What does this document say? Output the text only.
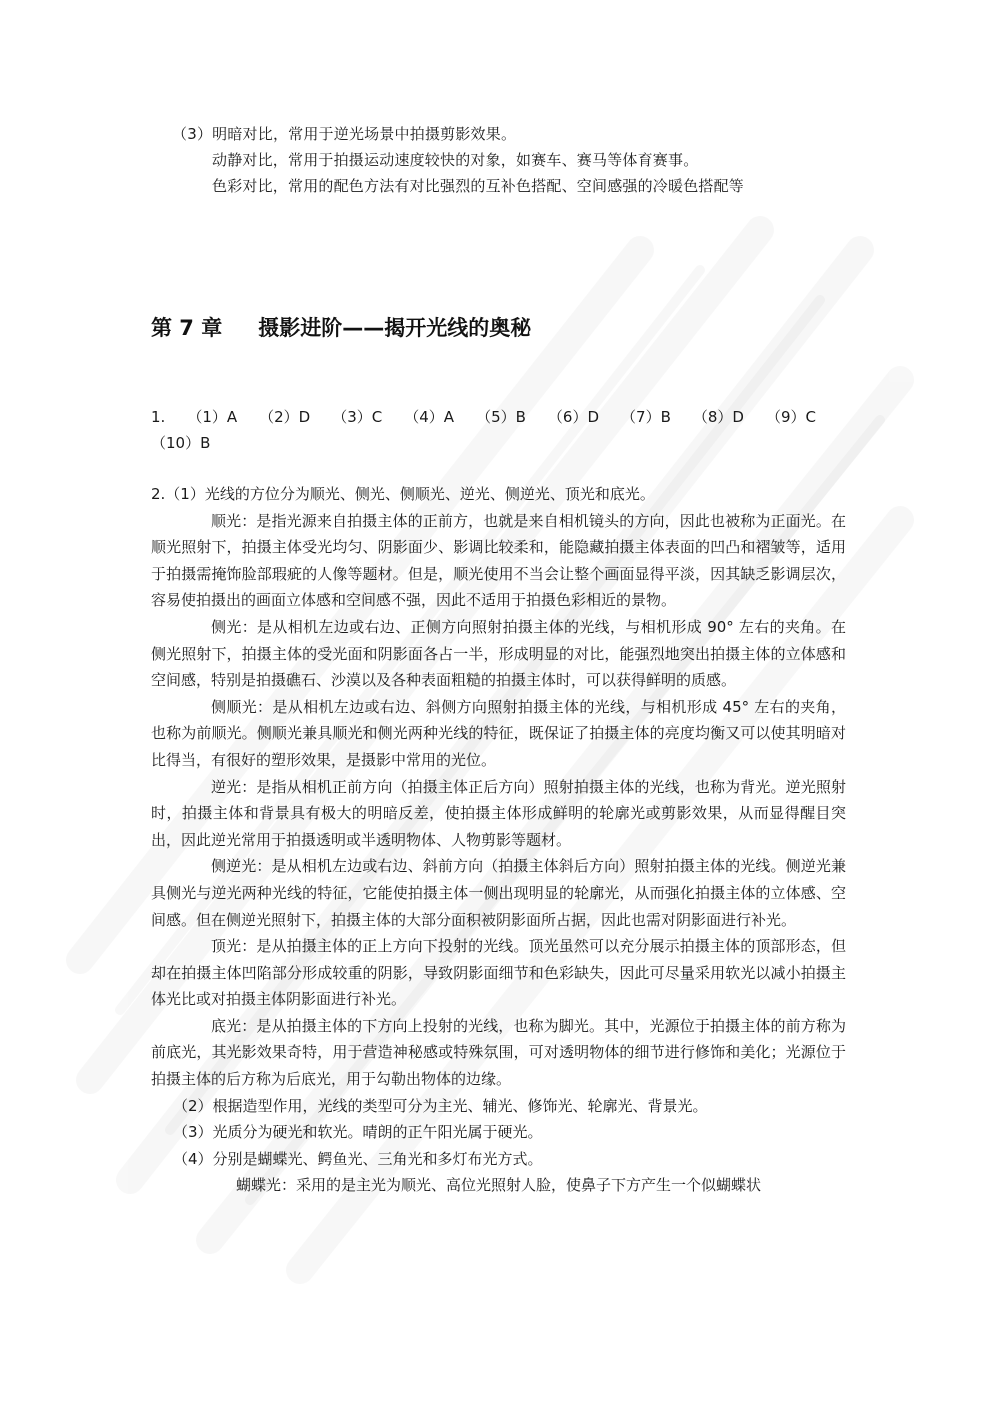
（3）明暗对比，常用于逆光场景中拍摄剪影效果。
动静对比，常用于拍摄运动速度较快的对象，如赛车、赛马等体育赛事。
色彩对比，常用的配色方法有对比强烈的互补色搭配、空间感强的冷暖色搭配等
第 7 章 摄影进阶——揭开光线的奥秘
1. （1）A （2）D （3）C （4）A （5）B （6）D （7）B （8）D （9）C
（10）B

2.（1）光线的方位分为顺光、侧光、侧顺光、逆光、侧逆光、顶光和底光。

顺光：是指光源来自拍摄主体的正前方，也就是来自相机镜头的方向，因此也被称为正面光。在顺光照射下，拍摄主体受光均匀、阴影面少、影调比较柔和，能隐藏拍摄主体表面的凹凸和褶皱等，适用于拍摄需掩饰脸部瑕疵的人像等题材。但是，顺光使用不当会让整个画面显得平淡，因其缺乏影调层次，容易使拍摄出的画面立体感和空间感不强，因此不适用于拍摄色彩相近的景物。

侧光：是从相机左边或右边、正侧方向照射拍摄主体的光线，与相机形成 90° 左右的夹角。在侧光照射下，拍摄主体的受光面和阴影面各占一半，形成明显的对比，能强烈地突出拍摄主体的立体感和空间感，特别是拍摄礁石、沙漠以及各种表面粗糙的拍摄主体时，可以获得鲜明的质感。

侧顺光：是从相机左边或右边、斜侧方向照射拍摄主体的光线，与相机形成 45° 左右的夹角，也称为前顺光。侧顺光兼具顺光和侧光两种光线的特征，既保证了拍摄主体的亮度均衡又可以使其明暗对比得当，有很好的塑形效果，是摄影中常用的光位。

逆光：是指从相机正前方向（拍摄主体正后方向）照射拍摄主体的光线，也称为背光。逆光照射时，拍摄主体和背景具有极大的明暗反差，使拍摄主体形成鲜明的轮廓光或剪影效果，从而显得醒目突出，因此逆光常用于拍摄透明或半透明物体、人物剪影等题材。

侧逆光：是从相机左边或右边、斜前方向（拍摄主体斜后方向）照射拍摄主体的光线。侧逆光兼具侧光与逆光两种光线的特征，它能使拍摄主体一侧出现明显的轮廓光，从而强化拍摄主体的立体感、空间感。但在侧逆光照射下，拍摄主体的大部分面积被阴影面所占据，因此也需对阴影面进行补光。

顶光：是从拍摄主体的正上方向下投射的光线。顶光虽然可以充分展示拍摄主体的顶部形态，但却在拍摄主体凹陷部分形成较重的阴影，导致阴影面细节和色彩缺失，因此可尽量采用软光以减小拍摄主体光比或对拍摄主体阴影面进行补光。

底光：是从拍摄主体的下方向上投射的光线，也称为脚光。其中，光源位于拍摄主体的前方称为前底光，其光影效果奇特，用于营造神秘感或特殊氛围，可对透明物体的细节进行修饰和美化；光源位于拍摄主体的后方称为后底光，用于勾勒出物体的边缘。

（2）根据造型作用，光线的类型可分为主光、辅光、修饰光、轮廓光、背景光。

（3）光质分为硬光和软光。晴朗的正午阳光属于硬光。

（4）分别是蝴蝶光、鳄鱼光、三角光和多灯布光方式。

蝴蝶光：采用的是主光为顺光、高位光照射人脸，使鼻子下方产生一个似蝴蝶状
